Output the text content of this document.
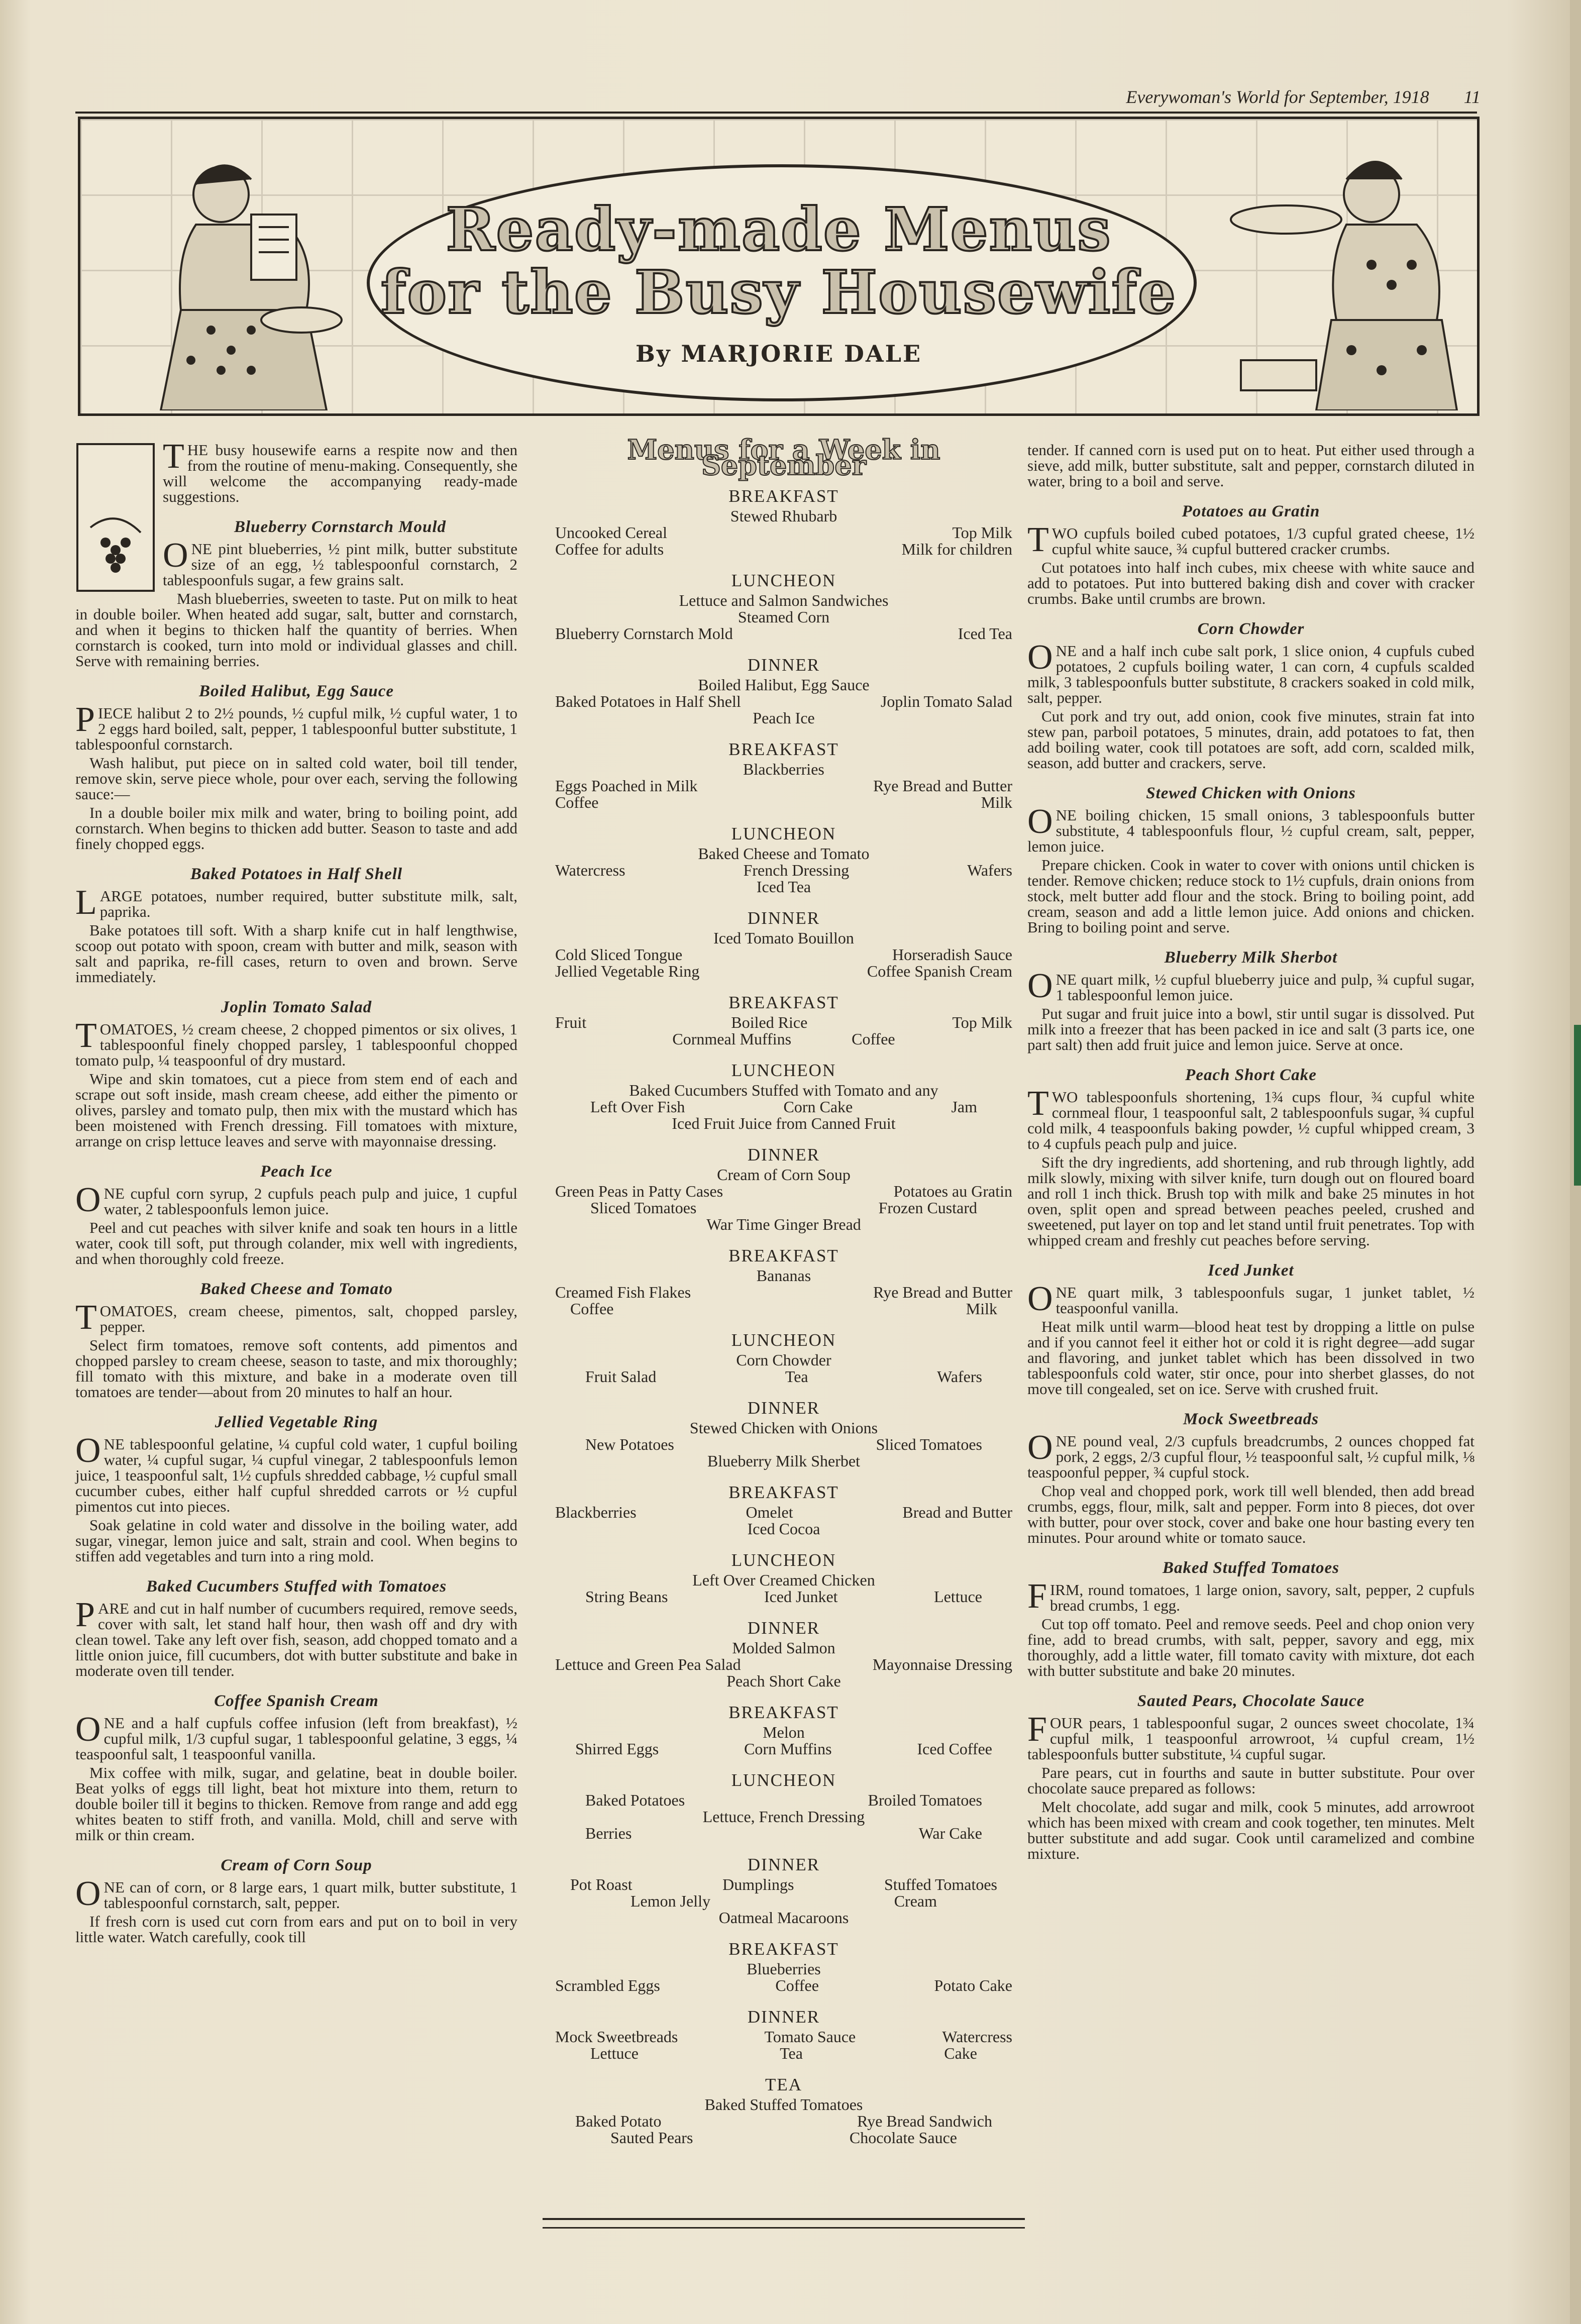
Everywoman's World for September, 1918 11
Ready-made Menus
for the Busy Housewife
By MARJORIE DALE

THE busy housewife earns a respite now and then from the routine of menu-making. Consequently, she will welcome the accompanying ready-made suggestions.

Blueberry Cornstarch Mould

ONE pint blueberries, ½ pint milk, butter substitute size of an egg, ½ tablespoonful cornstarch, 2 tablespoonfuls sugar, a few grains salt.

Mash blueberries, sweeten to taste. Put on milk to heat in double boiler. When heated add sugar, salt, butter and cornstarch, and when it begins to thicken half the quantity of berries. When cornstarch is cooked, turn into mold or individual glasses and chill. Serve with remaining berries.

Boiled Halibut, Egg Sauce

PIECE halibut 2 to 2½ pounds, ½ cupful milk, ½ cupful water, 1 to 2 eggs hard boiled, salt, pepper, 1 tablespoonful butter substitute, 1 tablespoonful cornstarch.

Wash halibut, put piece on in salted cold water, boil till tender, remove skin, serve piece whole, pour over each, serving the following sauce:—

In a double boiler mix milk and water, bring to boiling point, add cornstarch. When begins to thicken add butter. Season to taste and add finely chopped eggs.

Baked Potatoes in Half Shell

LARGE potatoes, number required, butter substitute milk, salt, paprika.

Bake potatoes till soft. With a sharp knife cut in half lengthwise, scoop out potato with spoon, cream with butter and milk, season with salt and paprika, re-fill cases, return to oven and brown. Serve immediately.

Joplin Tomato Salad

TOMATOES, ½ cream cheese, 2 chopped pimentos or six olives, 1 tablespoonful finely chopped parsley, 1 tablespoonful chopped tomato pulp, ¼ teaspoonful of dry mustard.

Wipe and skin tomatoes, cut a piece from stem end of each and scrape out soft inside, mash cream cheese, add either the pimento or olives, parsley and tomato pulp, then mix with the mustard which has been moistened with French dressing. Fill tomatoes with mixture, arrange on crisp lettuce leaves and serve with mayonnaise dressing.

Peach Ice

ONE cupful corn syrup, 2 cupfuls peach pulp and juice, 1 cupful water, 2 tablespoonfuls lemon juice.

Peel and cut peaches with silver knife and soak ten hours in a little water, cook till soft, put through colander, mix well with ingredients, and when thoroughly cold freeze.

Baked Cheese and Tomato

TOMATOES, cream cheese, pimentos, salt, chopped parsley, pepper.

Select firm tomatoes, remove soft contents, add pimentos and chopped parsley to cream cheese, season to taste, and mix thoroughly; fill tomato with this mixture, and bake in a moderate oven till tomatoes are tender—about from 20 minutes to half an hour.

Jellied Vegetable Ring

ONE tablespoonful gelatine, ¼ cupful cold water, 1 cupful boiling water, ¼ cupful sugar, ¼ cupful vinegar, 2 tablespoonfuls lemon juice, 1 teaspoonful salt, 1½ cupfuls shredded cabbage, ½ cupful small cucumber cubes, either half cupful shredded carrots or ½ cupful pimentos cut into pieces.

Soak gelatine in cold water and dissolve in the boiling water, add sugar, vinegar, lemon juice and salt, strain and cool. When begins to stiffen add vegetables and turn into a ring mold.

Baked Cucumbers Stuffed with Tomatoes

PARE and cut in half number of cucumbers required, remove seeds, cover with salt, let stand half hour, then wash off and dry with clean towel. Take any left over fish, season, add chopped tomato and a little onion juice, fill cucumbers, dot with butter substitute and bake in moderate oven till tender.

Coffee Spanish Cream

ONE and a half cupfuls coffee infusion (left from breakfast), ½ cupful milk, 1/3 cupful sugar, 1 tablespoonful gelatine, 3 eggs, ¼ teaspoonful salt, 1 teaspoonful vanilla.

Mix coffee with milk, sugar, and gelatine, beat in double boiler. Beat yolks of eggs till light, beat hot mixture into them, return to double boiler till it begins to thicken. Remove from range and add egg whites beaten to stiff froth, and vanilla. Mold, chill and serve with milk or thin cream.

Cream of Corn Soup

ONE can of corn, or 8 large ears, 1 quart milk, butter substitute, 1 tablespoonful cornstarch, salt, pepper.

If fresh corn is used cut corn from ears and put on to boil in very little water. Watch carefully, cook till

Menus for a Week in September
BREAKFAST
Stewed Rhubarb
Uncooked Cereal	Top Milk
Coffee for adults	Milk for children
LUNCHEON
Lettuce and Salmon Sandwiches
Steamed Corn
Blueberry Cornstarch Mold	Iced Tea
DINNER
Boiled Halibut, Egg Sauce
Baked Potatoes in Half Shell	Joplin Tomato Salad
Peach Ice
BREAKFAST
Blackberries
Eggs Poached in Milk	Rye Bread and Butter
Coffee	Milk
LUNCHEON
Baked Cheese and Tomato
Watercress	French Dressing	Wafers
Iced Tea
DINNER
Iced Tomato Bouillon
Cold Sliced Tongue	Horseradish Sauce
Jellied Vegetable Ring	Coffee Spanish Cream
BREAKFAST
Fruit	Boiled Rice	Top Milk
Cornmeal Muffins	Coffee
LUNCHEON
Baked Cucumbers Stuffed with Tomato and any
Left Over Fish	Corn Cake	Jam
Iced Fruit Juice from Canned Fruit
DINNER
Cream of Corn Soup
Green Peas in Patty Cases	Potatoes au Gratin
Sliced Tomatoes	Frozen Custard
War Time Ginger Bread
BREAKFAST
Bananas
Creamed Fish Flakes	Rye Bread and Butter
Coffee	Milk
LUNCHEON
Corn Chowder
Fruit Salad	Tea	Wafers
DINNER
Stewed Chicken with Onions
New Potatoes	Sliced Tomatoes
Blueberry Milk Sherbet
BREAKFAST
Blackberries	Omelet	Bread and Butter
Iced Cocoa
LUNCHEON
Left Over Creamed Chicken
String Beans	Iced Junket	Lettuce
DINNER
Molded Salmon
Lettuce and Green Pea Salad	Mayonnaise Dressing
Peach Short Cake
BREAKFAST
Melon
Shirred Eggs	Corn Muffins	Iced Coffee
LUNCHEON
Baked Potatoes	Broiled Tomatoes
Lettuce, French Dressing
Berries	War Cake
DINNER
Pot Roast	Dumplings	Stuffed Tomatoes
Lemon Jelly	Cream
Oatmeal Macaroons
BREAKFAST
Blueberries
Scrambled Eggs	Coffee	Potato Cake
DINNER
Mock Sweetbreads	Tomato Sauce	Watercress
Lettuce	Tea	Cake
TEA
Baked Stuffed Tomatoes
Baked Potato	Rye Bread Sandwich
Sauted Pears	Chocolate Sauce

tender. If canned corn is used put on to heat. Put either used through a sieve, add milk, butter substitute, salt and pepper, cornstarch diluted in water, bring to a boil and serve.

Potatoes au Gratin

TWO cupfuls boiled cubed potatoes, 1/3 cupful grated cheese, 1½ cupful white sauce, ¾ cupful buttered cracker crumbs.

Cut potatoes into half inch cubes, mix cheese with white sauce and add to potatoes. Put into buttered baking dish and cover with cracker crumbs. Bake until crumbs are brown.

Corn Chowder

ONE and a half inch cube salt pork, 1 slice onion, 4 cupfuls cubed potatoes, 2 cupfuls boiling water, 1 can corn, 4 cupfuls scalded milk, 3 tablespoonfuls butter substitute, 8 crackers soaked in cold milk, salt, pepper.

Cut pork and try out, add onion, cook five minutes, strain fat into stew pan, parboil potatoes, 5 minutes, drain, add potatoes to fat, then add boiling water, cook till potatoes are soft, add corn, scalded milk, season, add butter and crackers, serve.

Stewed Chicken with Onions

ONE boiling chicken, 15 small onions, 3 tablespoonfuls butter substitute, 4 tablespoonfuls flour, ½ cupful cream, salt, pepper, lemon juice.

Prepare chicken. Cook in water to cover with onions until chicken is tender. Remove chicken; reduce stock to 1½ cupfuls, drain onions from stock, melt butter add flour and the stock. Bring to boiling point, add cream, season and add a little lemon juice. Add onions and chicken. Bring to boiling point and serve.

Blueberry Milk Sherbot

ONE quart milk, ½ cupful blueberry juice and pulp, ¾ cupful sugar, 1 tablespoonful lemon juice.

Put sugar and fruit juice into a bowl, stir until sugar is dissolved. Put milk into a freezer that has been packed in ice and salt (3 parts ice, one part salt) then add fruit juice and lemon juice. Serve at once.

Peach Short Cake

TWO tablespoonfuls shortening, 1¾ cups flour, ¾ cupful white cornmeal flour, 1 teaspoonful salt, 2 tablespoonfuls sugar, ¾ cupful cold milk, 4 teaspoonfuls baking powder, ½ cupful whipped cream, 3 to 4 cupfuls peach pulp and juice.

Sift the dry ingredients, add shortening, and rub through lightly, add milk slowly, mixing with silver knife, turn dough out on floured board and roll 1 inch thick. Brush top with milk and bake 25 minutes in hot oven, split open and spread between peaches peeled, crushed and sweetened, put layer on top and let stand until fruit penetrates. Top with whipped cream and freshly cut peaches before serving.

Iced Junket

ONE quart milk, 3 tablespoonfuls sugar, 1 junket tablet, ½ teaspoonful vanilla.

Heat milk until warm—blood heat test by dropping a little on pulse and if you cannot feel it either hot or cold it is right degree—add sugar and flavoring, and junket tablet which has been dissolved in two tablespoonfuls cold water, stir once, pour into sherbet glasses, do not move till congealed, set on ice. Serve with crushed fruit.

Mock Sweetbreads

ONE pound veal, 2/3 cupfuls breadcrumbs, 2 ounces chopped fat pork, 2 eggs, 2/3 cupful flour, ½ teaspoonful salt, ½ cupful milk, ⅛ teaspoonful pepper, ¾ cupful stock.

Chop veal and chopped pork, work till well blended, then add bread crumbs, eggs, flour, milk, salt and pepper. Form into 8 pieces, dot over with butter, pour over stock, cover and bake one hour basting every ten minutes. Pour around white or tomato sauce.

Baked Stuffed Tomatoes

FIRM, round tomatoes, 1 large onion, savory, salt, pepper, 2 cupfuls bread crumbs, 1 egg.

Cut top off tomato. Peel and remove seeds. Peel and chop onion very fine, add to bread crumbs, with salt, pepper, savory and egg, mix thoroughly, add a little water, fill tomato cavity with mixture, dot each with butter substitute and bake 20 minutes.

Sauted Pears, Chocolate Sauce

FOUR pears, 1 tablespoonful sugar, 2 ounces sweet chocolate, 1¾ cupful milk, 1 teaspoonful arrowroot, ¼ cupful cream, 1½ tablespoonfuls butter substitute, ¼ cupful sugar.

Pare pears, cut in fourths and saute in butter substitute. Pour over chocolate sauce prepared as follows:

Melt chocolate, add sugar and milk, cook 5 minutes, add arrowroot which has been mixed with cream and cook together, ten minutes. Melt butter substitute and add sugar. Cook until caramelized and combine mixture.
